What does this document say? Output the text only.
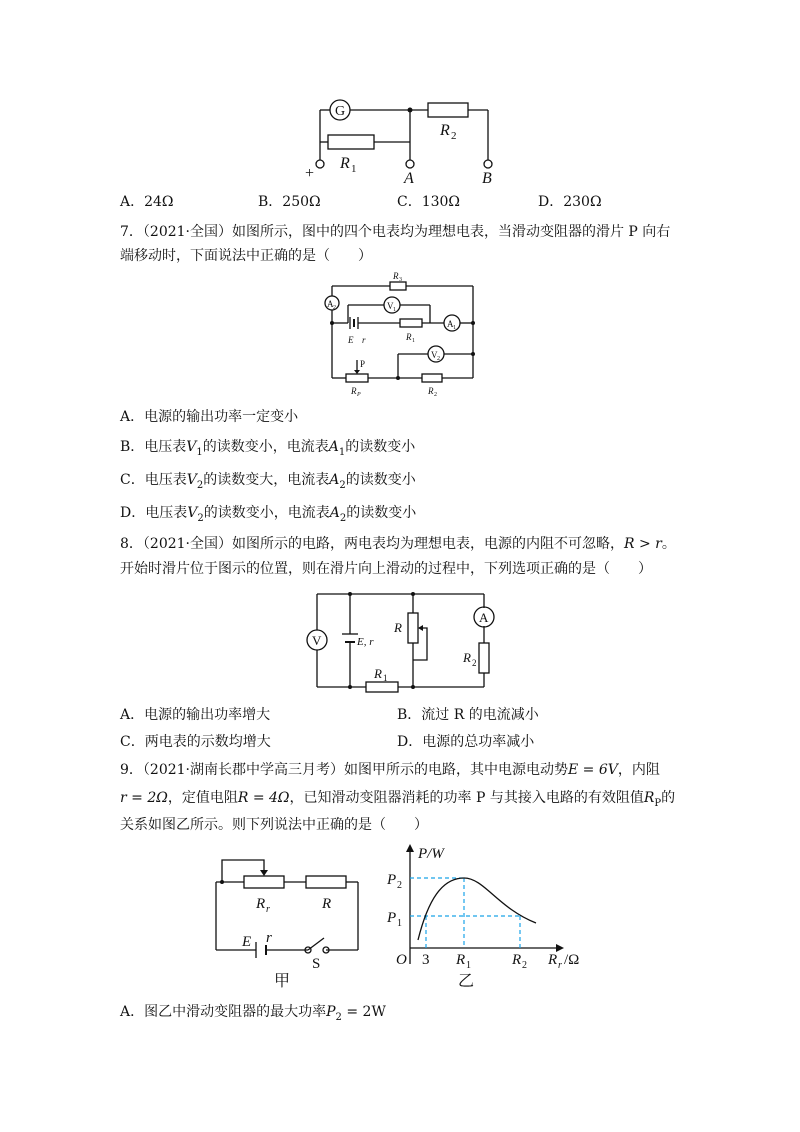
G
R 1
R 2
+	A	B
A．24Ω	B．250Ω	C．130Ω	D．230Ω
7．（2021·全国）如图所示，图中的四个电表均为理想电表，当滑动变阻器的滑片 P 向右
端移动时，下面说法中正确的是（　　）
R 3
A 2	V 1
E r	R 1
A 1
V 2
P
R P	R 2
A．电源的输出功率一定变小
B．电压表$V_1$的读数变小，电流表$A_1$的读数变小
C．电压表$V_2$的读数变大，电流表$A_2$的读数变小
D．电压表$V_2$的读数变小，电流表$A_2$的读数变小
8．（2021·全国）如图所示的电路，两电表均为理想电表，电源的内阻不可忽略，R > r。
开始时滑片位于图示的位置，则在滑片向上滑动的过程中，下列选项正确的是（　　）
V	E, r
R
A
R 2
R 1
A．电源的输出功率增大	B．流过 R 的电流减小
C．两电表的示数均增大	D．电源的总功率减小
9．（2021·湖南长郡中学高三月考）如图甲所示的电路，其中电源电动势E = 6V，内阻
r = 2Ω，定值电阻R = 4Ω，已知滑动变阻器消耗的功率 P 与其接入电路的有效阻值$R_P$的
关系如图乙所示。则下列说法中正确的是（　　）
R r	R
E r
S
甲
P/W
P 2
P 1
O 3 R 1	R 2 R r /Ω
乙
A．图乙中滑动变阻器的最大功率$P_2 = 2W$
